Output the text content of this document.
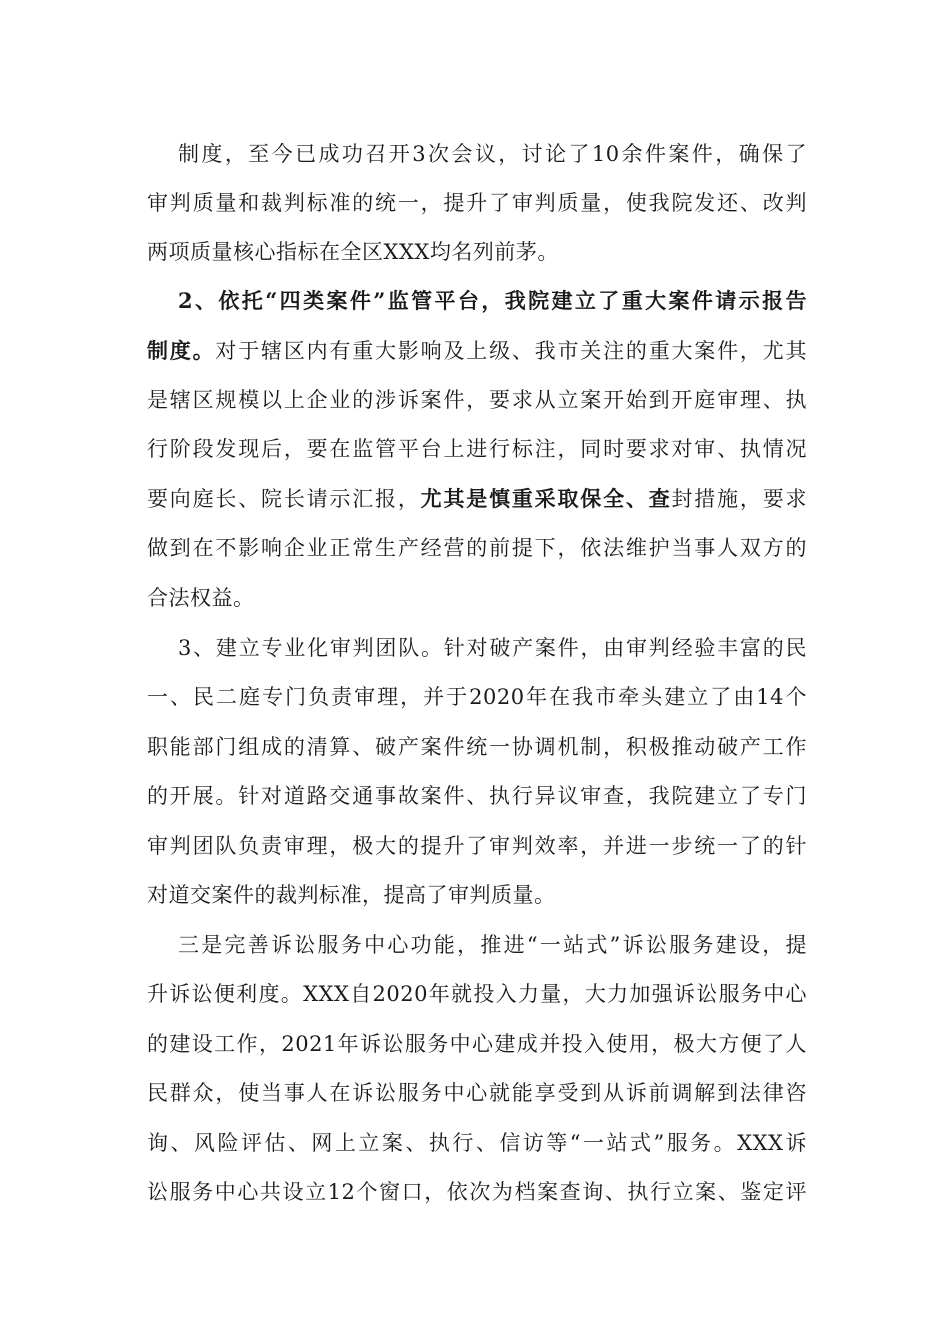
制度，至今已成功召开3次会议，讨论了10余件案件，确保了
审判质量和裁判标准的统一，提升了审判质量，使我院发还、改判
两项质量核心指标在全区XXX均名列前茅。
2、依托“四类案件”监管平台，我院建立了重大案件请示报告
制度。对于辖区内有重大影响及上级、我市关注的重大案件，尤其
是辖区规模以上企业的涉诉案件，要求从立案开始到开庭审理、执
行阶段发现后，要在监管平台上进行标注，同时要求对审、执情况
要向庭长、院长请示汇报，尤其是慎重采取保全、查封措施，要求
做到在不影响企业正常生产经营的前提下，依法维护当事人双方的
合法权益。
3、建立专业化审判团队。针对破产案件，由审判经验丰富的民
一、民二庭专门负责审理，并于2020年在我市牵头建立了由14个
职能部门组成的清算、破产案件统一协调机制，积极推动破产工作
的开展。针对道路交通事故案件、执行异议审查，我院建立了专门
审判团队负责审理，极大的提升了审判效率，并进一步统一了的针
对道交案件的裁判标准，提高了审判质量。
三是完善诉讼服务中心功能，推进“一站式”诉讼服务建设，提
升诉讼便利度。XXX自2020年就投入力量，大力加强诉讼服务中心
的建设工作，2021年诉讼服务中心建成并投入使用，极大方便了人
民群众，使当事人在诉讼服务中心就能享受到从诉前调解到法律咨
询、风险评估、网上立案、执行、信访等“一站式”服务。XXX诉
讼服务中心共设立12个窗口，依次为档案查询、执行立案、鉴定评
